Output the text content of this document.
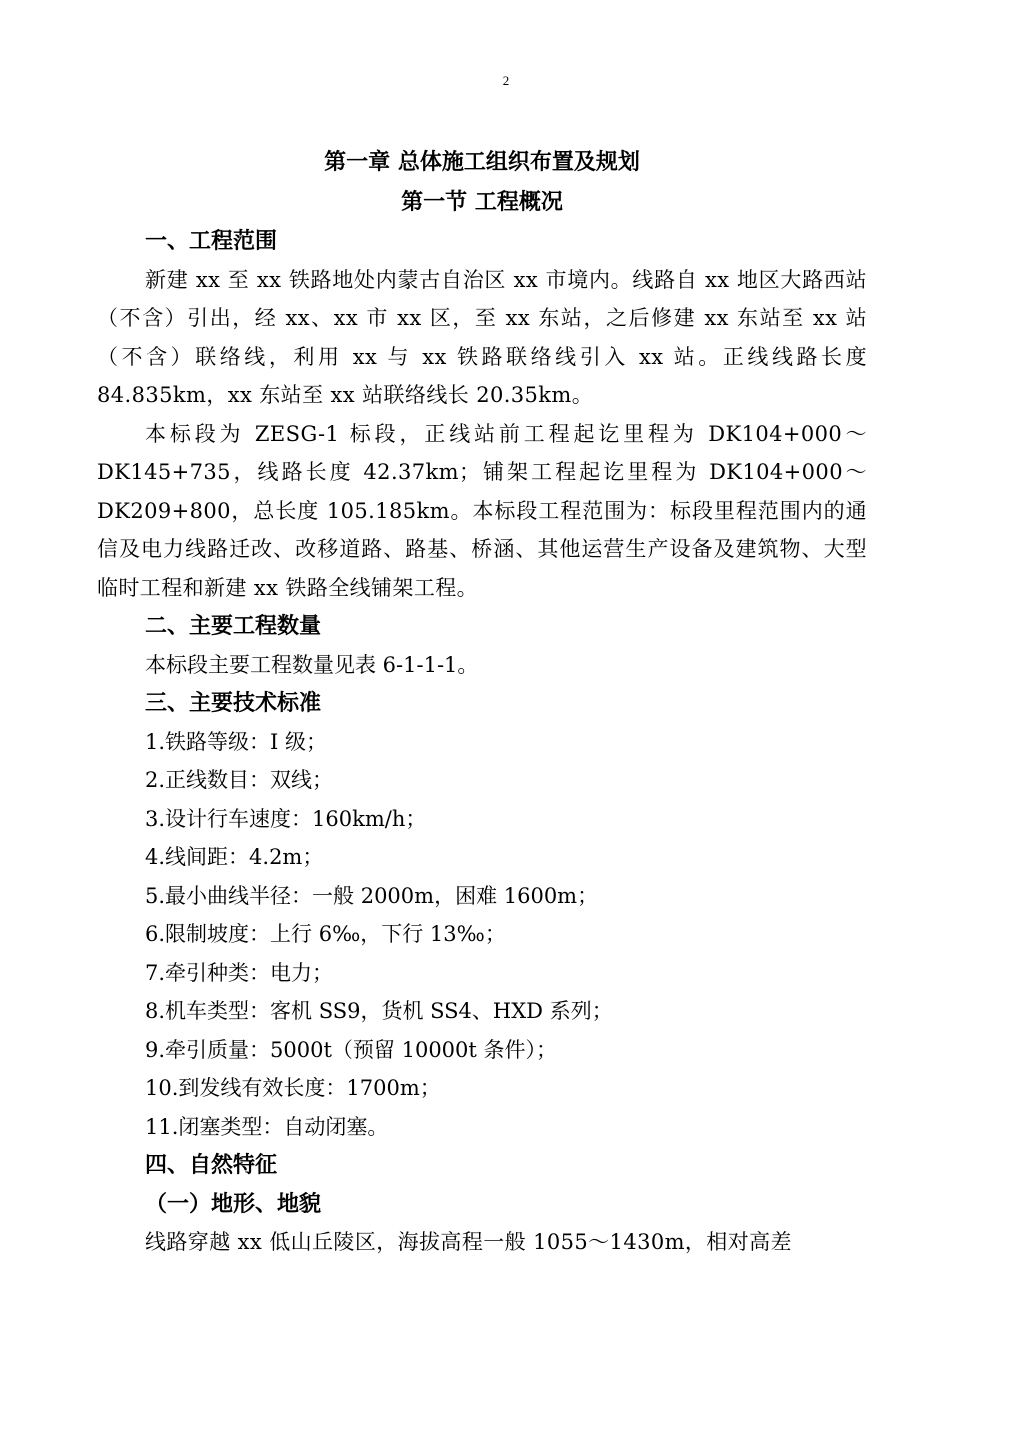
2
第一章 总体施工组织布置及规划
第一节 工程概况
一、工程范围

新建 xx 至 xx 铁路地处内蒙古自治区 xx 市境内。线路自 xx 地区大路西站（不含）引出，经 xx、xx 市 xx 区，至 xx 东站，之后修建 xx 东站至 xx 站（不含）联络线，利用 xx 与 xx 铁路联络线引入 xx 站。正线线路长度 84.835km，xx 东站至 xx 站联络线长 20.35km。

本标段为 ZESG-1 标段，正线站前工程起讫里程为 DK104+000～DK145+735，线路长度 42.37km；铺架工程起讫里程为 DK104+000～DK209+800，总长度 105.185km。本标段工程范围为：标段里程范围内的通信及电力线路迁改、改移道路、路基、桥涵、其他运营生产设备及建筑物、大型临时工程和新建 xx 铁路全线铺架工程。

二、主要工程数量

本标段主要工程数量见表 6-1-1-1。

三、主要技术标准

1.铁路等级：I 级；

2.正线数目：双线；

3.设计行车速度：160km/h；

4.线间距：4.2m；

5.最小曲线半径：一般 2000m，困难 1600m；

6.限制坡度：上行 6‰，下行 13‰；

7.牵引种类：电力；

8.机车类型：客机 SS9，货机 SS4、HXD 系列；

9.牵引质量：5000t（预留 10000t 条件）；

10.到发线有效长度：1700m；

11.闭塞类型：自动闭塞。

四、自然特征
（一）地形、地貌

线路穿越 xx 低山丘陵区，海拔高程一般 1055～1430m，相对高差
